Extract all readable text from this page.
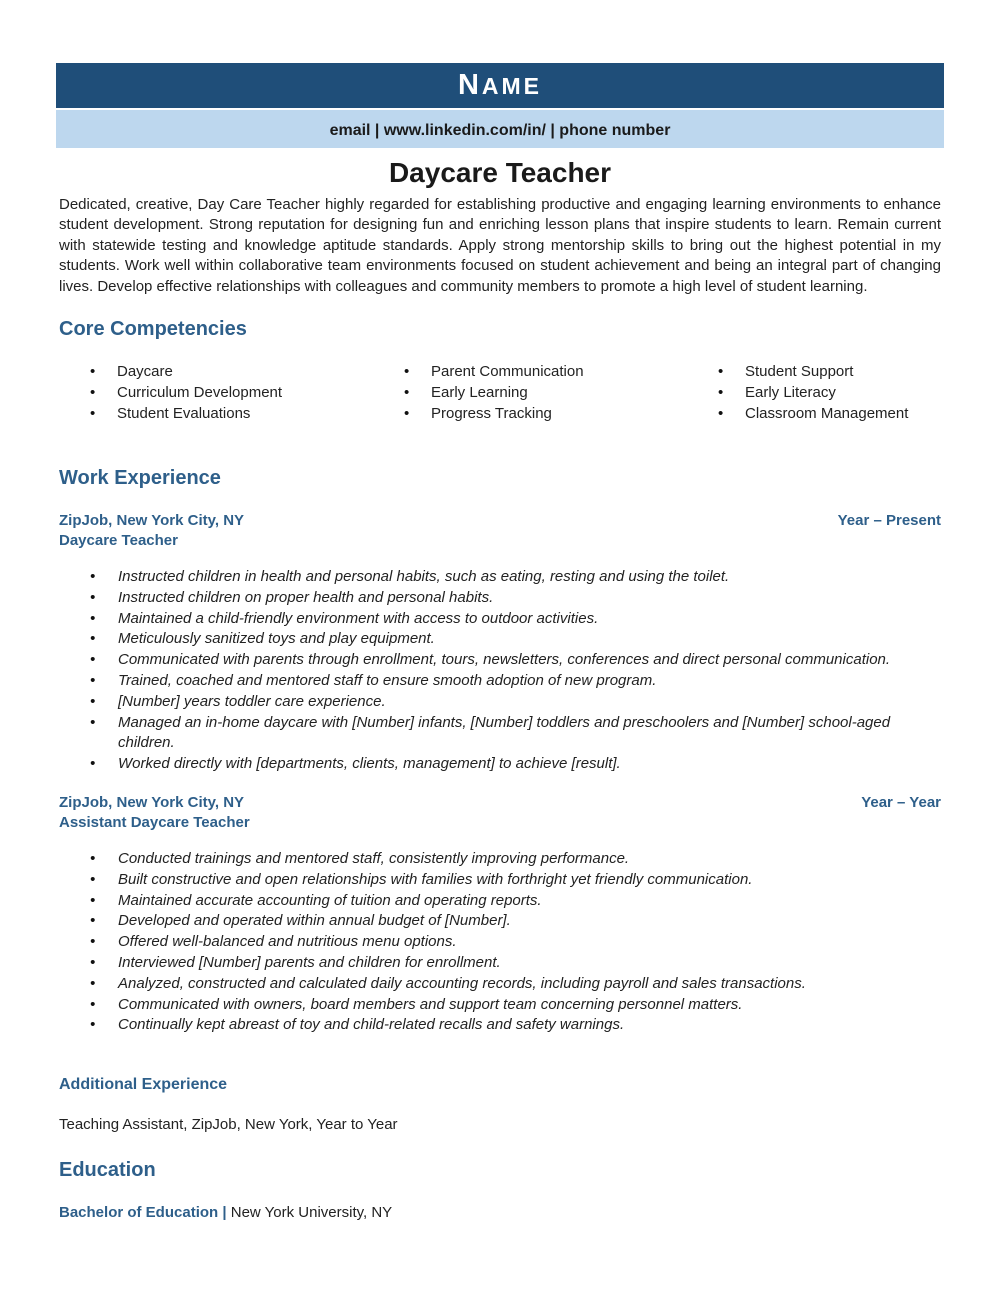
NAME
email | www.linkedin.com/in/ | phone number
Daycare Teacher

Dedicated, creative, Day Care Teacher highly regarded for establishing productive and engaging learning environments to enhance student development. Strong reputation for designing fun and enriching lesson plans that inspire students to learn. Remain current with statewide testing and knowledge aptitude standards. Apply strong mentorship skills to bring out the highest potential in my students. Work well within collaborative team environments focused on student achievement and being an integral part of changing lives. Develop effective relationships with colleagues and community members to promote a high level of student learning.

Core Competencies
• Daycare
• Curriculum Development
• Student Evaluations
• Parent Communication
• Early Learning
• Progress Tracking
• Student Support
• Early Literacy
• Classroom Management
Work Experience
ZipJob, New York City, NY	Year – Present
Daycare Teacher
• Instructed children in health and personal habits, such as eating, resting and using the toilet.
• Instructed children on proper health and personal habits.
• Maintained a child-friendly environment with access to outdoor activities.
• Meticulously sanitized toys and play equipment.
• Communicated with parents through enrollment, tours, newsletters, conferences and direct personal communication.
• Trained, coached and mentored staff to ensure smooth adoption of new program.
• [Number] years toddler care experience.
• Managed an in-home daycare with [Number] infants, [Number] toddlers and preschoolers and [Number] school-aged children.
• Worked directly with [departments, clients, management] to achieve [result].
ZipJob, New York City, NY	Year – Year
Assistant Daycare Teacher
• Conducted trainings and mentored staff, consistently improving performance.
• Built constructive and open relationships with families with forthright yet friendly communication.
• Maintained accurate accounting of tuition and operating reports.
• Developed and operated within annual budget of [Number].
• Offered well-balanced and nutritious menu options.
• Interviewed [Number] parents and children for enrollment.
• Analyzed, constructed and calculated daily accounting records, including payroll and sales transactions.
• Communicated with owners, board members and support team concerning personnel matters.
• Continually kept abreast of toy and child-related recalls and safety warnings.
Additional Experience
Teaching Assistant, ZipJob, New York, Year to Year
Education
Bachelor of Education | New York University, NY
